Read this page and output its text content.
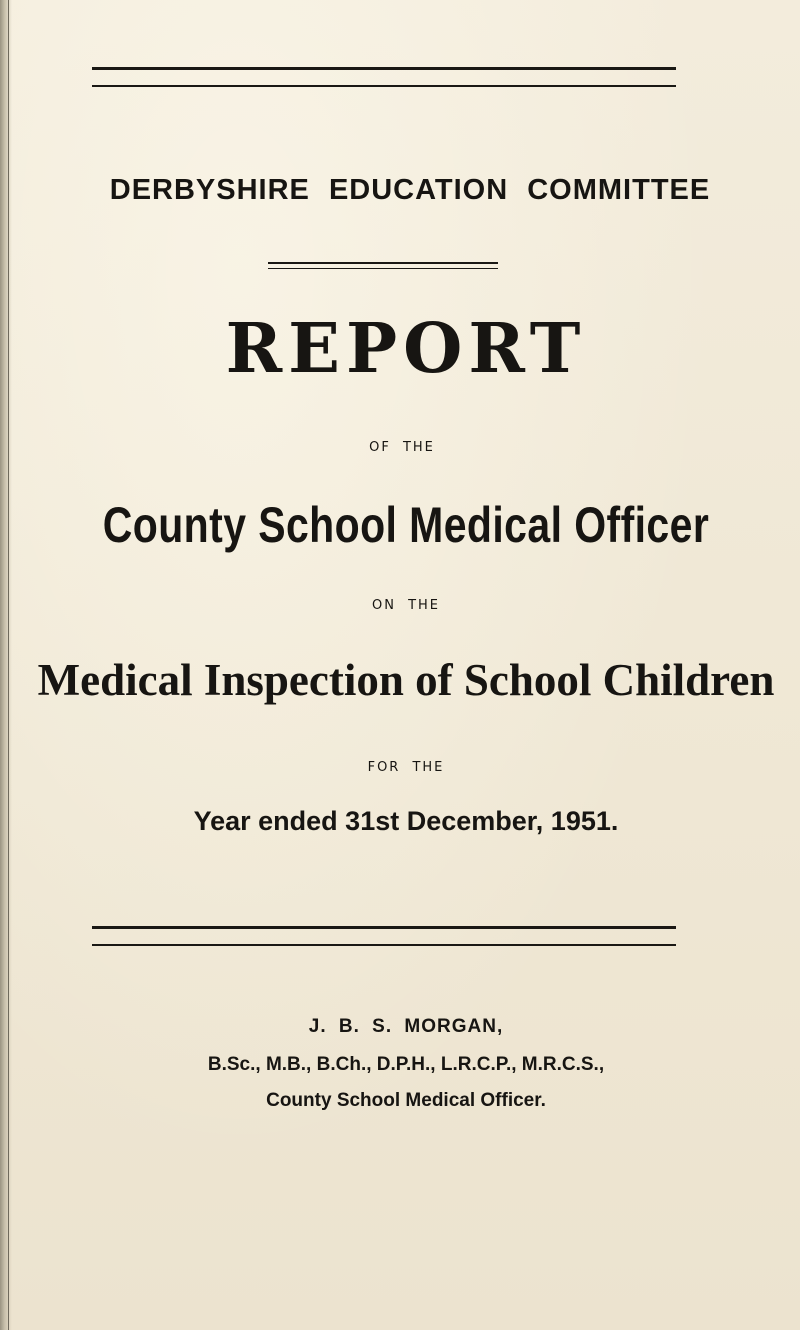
DERBYSHIRE EDUCATION COMMITTEE
REPORT
OF THE
County School Medical Officer
ON THE
Medical Inspection of School Children
FOR THE
Year ended 31st December, 1951.
J. B. S. MORGAN,
B.Sc., M.B., B.Ch., D.P.H., L.R.C.P., M.R.C.S.,
County School Medical Officer.
